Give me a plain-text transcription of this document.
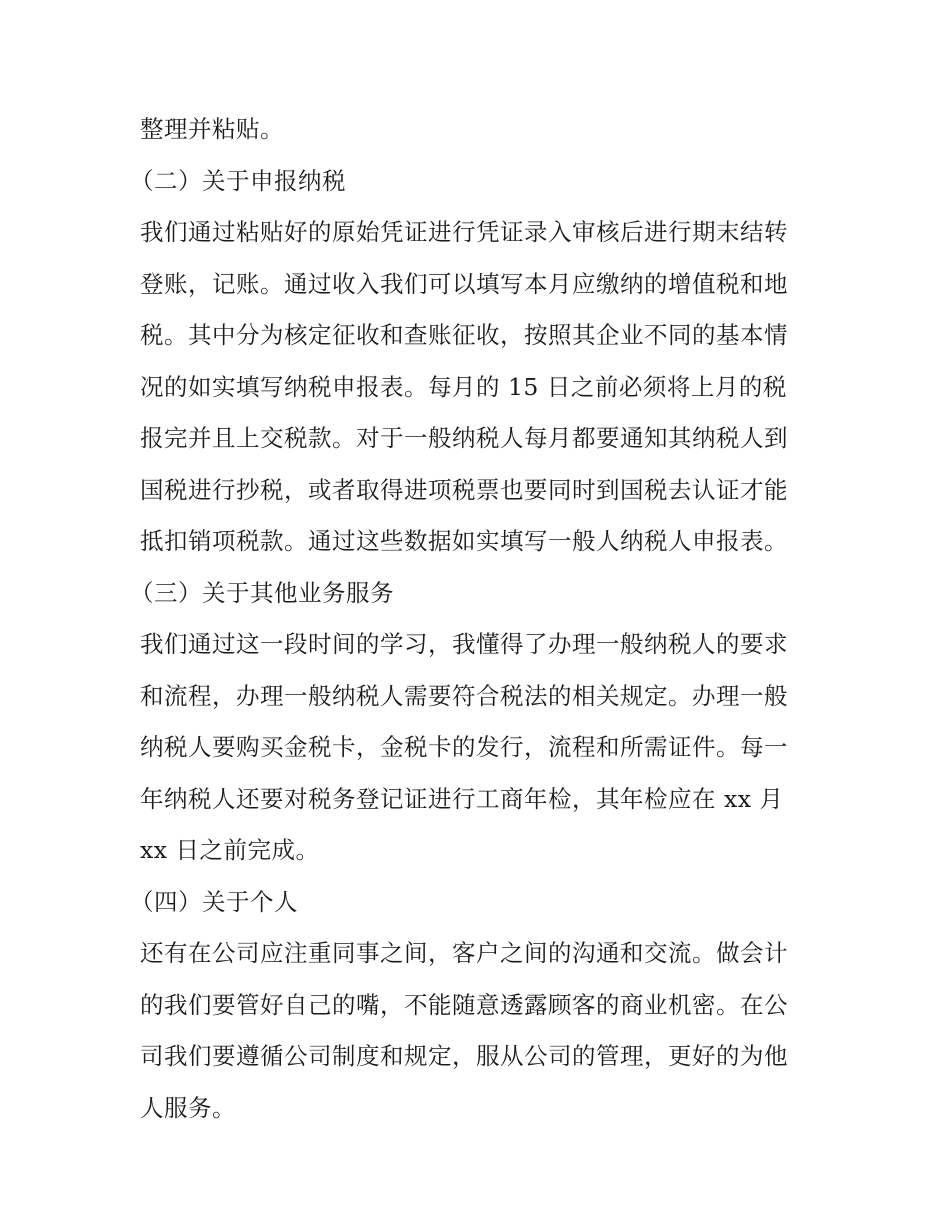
整理并粘贴。
（二）关于申报纳税
我们通过粘贴好的原始凭证进行凭证录入审核后进行期末结转
登账，记账。通过收入我们可以填写本月应缴纳的增值税和地
税。其中分为核定征收和查账征收，按照其企业不同的基本情
况的如实填写纳税申报表。每月的 15 日之前必须将上月的税
报完并且上交税款。对于一般纳税人每月都要通知其纳税人到
国税进行抄税，或者取得进项税票也要同时到国税去认证才能
抵扣销项税款。通过这些数据如实填写一般人纳税人申报表。
（三）关于其他业务服务
我们通过这一段时间的学习，我懂得了办理一般纳税人的要求
和流程，办理一般纳税人需要符合税法的相关规定。办理一般
纳税人要购买金税卡，金税卡的发行，流程和所需证件。每一
年纳税人还要对税务登记证进行工商年检，其年检应在 xx 月
xx 日之前完成。
（四）关于个人
还有在公司应注重同事之间，客户之间的沟通和交流。做会计
的我们要管好自己的嘴，不能随意透露顾客的商业机密。在公
司我们要遵循公司制度和规定，服从公司的管理，更好的为他
人服务。
